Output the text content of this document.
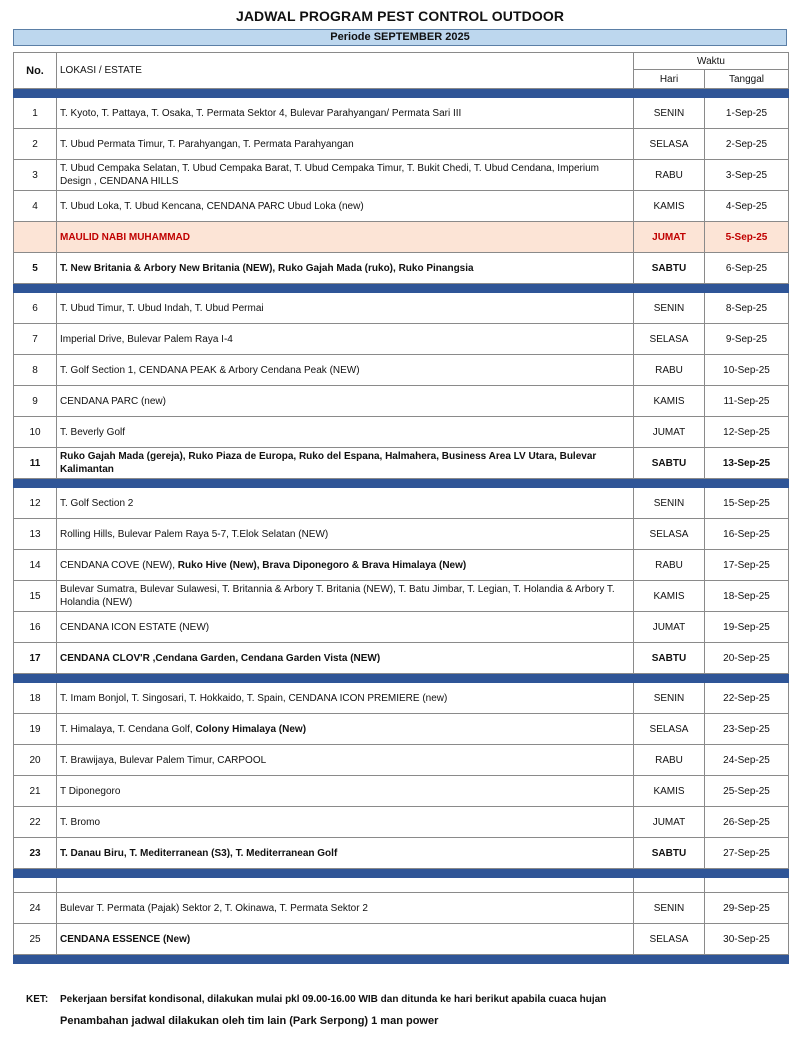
JADWAL PROGRAM PEST CONTROL OUTDOOR
Periode SEPTEMBER 2025
No.	LOKASI / ESTATE	Waktu	
		Hari	Tanggal

1	T. Kyoto, T. Pattaya, T. Osaka, T. Permata Sektor 4, Bulevar Parahyangan/ Permata Sari III	SENIN	1-Sep-25
2	T. Ubud Permata Timur, T. Parahyangan, T. Permata Parahyangan	SELASA	2-Sep-25
3	T. Ubud Cempaka Selatan, T. Ubud Cempaka Barat, T. Ubud Cempaka Timur, T. Bukit Chedi, T. Ubud Cendana, Imperium Design , CENDANA HILLS	RABU	3-Sep-25
4	T. Ubud Loka, T. Ubud Kencana, CENDANA PARC Ubud Loka (new)	KAMIS	4-Sep-25
	MAULID NABI MUHAMMAD	JUMAT	5-Sep-25
5	T. New Britania & Arbory New Britania (NEW), Ruko Gajah Mada (ruko), Ruko Pinangsia	SABTU	6-Sep-25

6	T. Ubud Timur, T. Ubud Indah, T. Ubud Permai	SENIN	8-Sep-25
7	Imperial Drive, Bulevar Palem Raya I-4	SELASA	9-Sep-25
8	T. Golf Section 1, CENDANA PEAK & Arbory Cendana Peak (NEW)	RABU	10-Sep-25
9	CENDANA PARC (new)	KAMIS	11-Sep-25
10	T. Beverly Golf	JUMAT	12-Sep-25
11	Ruko Gajah Mada (gereja), Ruko Piaza de Europa, Ruko del Espana, Halmahera, Business Area LV Utara, Bulevar Kalimantan	SABTU	13-Sep-25

12	T. Golf Section 2	SENIN	15-Sep-25
13	Rolling Hills, Bulevar Palem Raya 5-7, T.Elok Selatan (NEW)	SELASA	16-Sep-25
14	CENDANA COVE (NEW), Ruko Hive (New), Brava Diponegoro & Brava Himalaya (New)	RABU	17-Sep-25
15	Bulevar Sumatra, Bulevar Sulawesi, T. Britannia & Arbory T. Britania (NEW), T. Batu Jimbar, T. Legian, T. Holandia & Arbory T. Holandia (NEW)	KAMIS	18-Sep-25
16	CENDANA ICON ESTATE (NEW)	JUMAT	19-Sep-25
17	CENDANA CLOV'R ,Cendana Garden, Cendana Garden Vista (NEW)	SABTU	20-Sep-25

18	T. Imam Bonjol, T. Singosari, T. Hokkaido, T. Spain, CENDANA ICON PREMIERE (new)	SENIN	22-Sep-25
19	T. Himalaya, T. Cendana Golf, Colony Himalaya (New)	SELASA	23-Sep-25
20	T. Brawijaya, Bulevar Palem Timur, CARPOOL	RABU	24-Sep-25
21	T Diponegoro	KAMIS	25-Sep-25
22	T. Bromo	JUMAT	26-Sep-25
23	T. Danau Biru, T. Mediterranean (S3), T. Mediterranean Golf	SABTU	27-Sep-25

24	Bulevar T. Permata (Pajak) Sektor 2, T. Okinawa, T. Permata Sektor 2	SENIN	29-Sep-25
25	CENDANA ESSENCE (New)	SELASA	30-Sep-25

KET:	Pekerjaan bersifat kondisonal, dilakukan mulai pkl 09.00-16.00 WIB dan ditunda ke hari berikut apabila cuaca hujan
Penambahan jadwal dilakukan oleh tim lain (Park Serpong) 1 man power
